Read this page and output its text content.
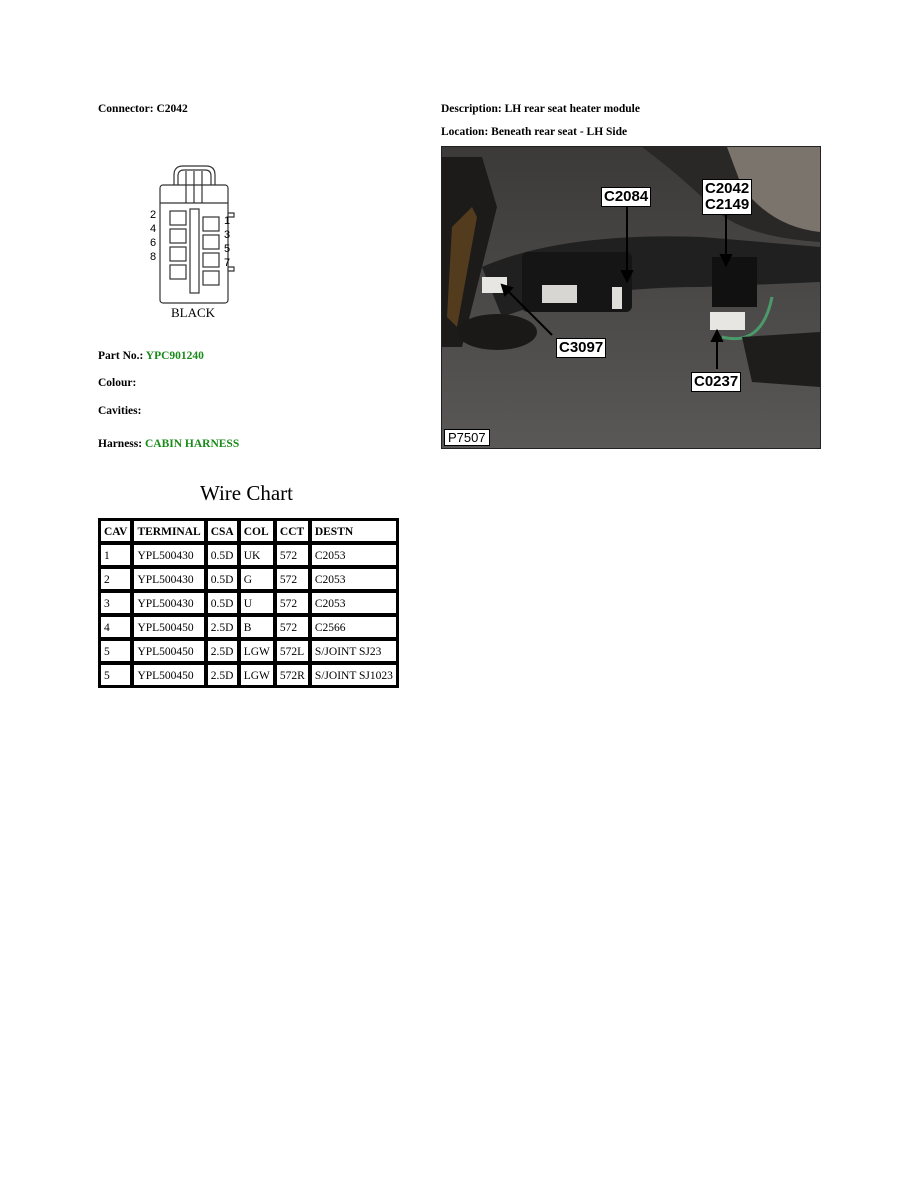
Connector: C2042	Description: LH rear seat heater module
Location: Beneath rear seat - LH Side
2
4
6
8
1
3
5
7
BLACK
Part No.: YPC901240
Colour:
Cavities:
Harness: CABIN HARNESS
C2084	C2042
C2149
C3097
C0237
P7507
Wire Chart
CAV	TERMINAL	CSA	COL	CCT	DESTN
1	YPL500430	0.5D	UK	572	C2053
2	YPL500430	0.5D	G	572	C2053
3	YPL500430	0.5D	U	572	C2053
4	YPL500450	2.5D	B	572	C2566
5	YPL500450	2.5D	LGW	572L	S/JOINT SJ23
5	YPL500450	2.5D	LGW	572R	S/JOINT SJ1023
